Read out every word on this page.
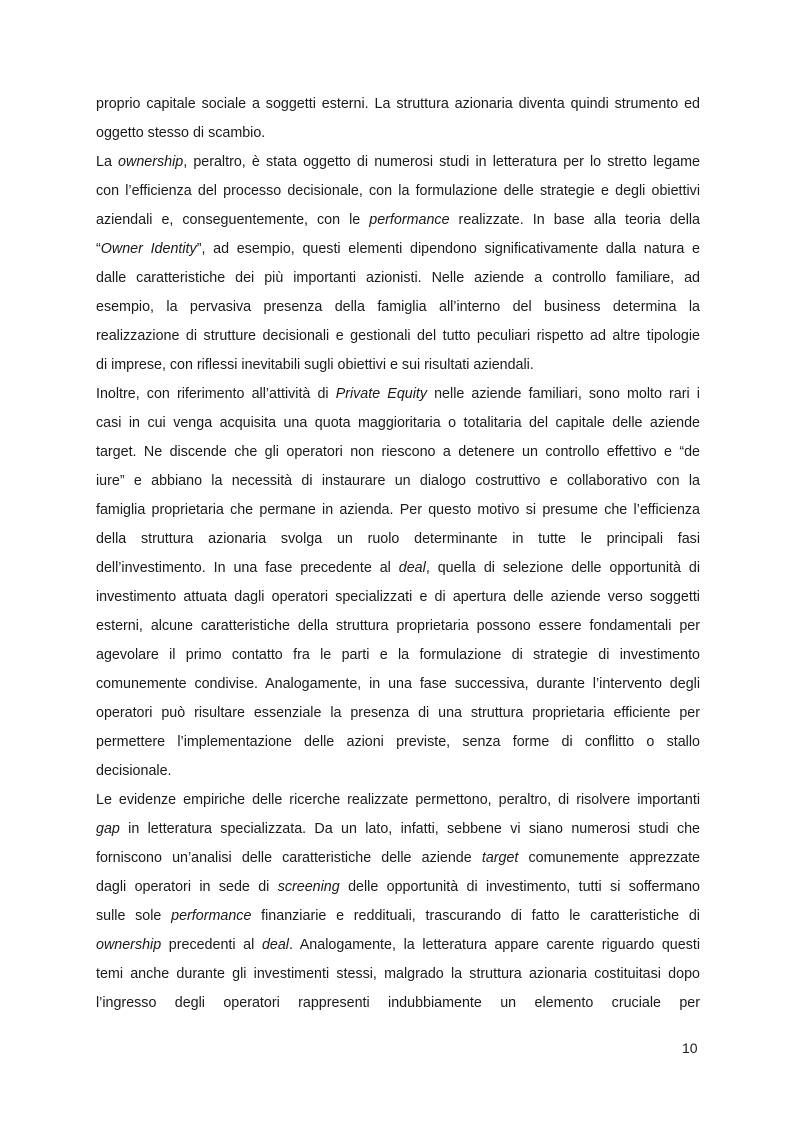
proprio capitale sociale a soggetti esterni. La struttura azionaria diventa quindi strumento ed
oggetto stesso di scambio.
La ownership, peraltro, è stata oggetto di numerosi studi in letteratura per lo stretto legame
con l’efficienza del processo decisionale, con la formulazione delle strategie e degli obiettivi
aziendali e, conseguentemente, con le performance realizzate. In base alla teoria della
“Owner Identity”, ad esempio, questi elementi dipendono significativamente dalla natura e
dalle caratteristiche dei più importanti azionisti. Nelle aziende a controllo familiare, ad
esempio, la pervasiva presenza della famiglia all’interno del business determina la
realizzazione di strutture decisionali e gestionali del tutto peculiari rispetto ad altre tipologie
di imprese, con riflessi inevitabili sugli obiettivi e sui risultati aziendali.
Inoltre, con riferimento all’attività di Private Equity nelle aziende familiari, sono molto rari i
casi in cui venga acquisita una quota maggioritaria o totalitaria del capitale delle aziende
target. Ne discende che gli operatori non riescono a detenere un controllo effettivo e “de
iure” e abbiano la necessità di instaurare un dialogo costruttivo e collaborativo con la
famiglia proprietaria che permane in azienda. Per questo motivo si presume che l’efficienza
della struttura azionaria svolga un ruolo determinante in tutte le principali fasi
dell’investimento. In una fase precedente al deal, quella di selezione delle opportunità di
investimento attuata dagli operatori specializzati e di apertura delle aziende verso soggetti
esterni, alcune caratteristiche della struttura proprietaria possono essere fondamentali per
agevolare il primo contatto fra le parti e la formulazione di strategie di investimento
comunemente condivise. Analogamente, in una fase successiva, durante l’intervento degli
operatori può risultare essenziale la presenza di una struttura proprietaria efficiente per
permettere l’implementazione delle azioni previste, senza forme di conflitto o stallo
decisionale.
Le evidenze empiriche delle ricerche realizzate permettono, peraltro, di risolvere importanti
gap in letteratura specializzata. Da un lato, infatti, sebbene vi siano numerosi studi che
forniscono un’analisi delle caratteristiche delle aziende target comunemente apprezzate
dagli operatori in sede di screening delle opportunità di investimento, tutti si soffermano
sulle sole performance finanziarie e reddituali, trascurando di fatto le caratteristiche di
ownership precedenti al deal. Analogamente, la letteratura appare carente riguardo questi
temi anche durante gli investimenti stessi, malgrado la struttura azionaria costituitasi dopo
l’ingresso degli operatori rappresenti indubbiamente un elemento cruciale per
10
